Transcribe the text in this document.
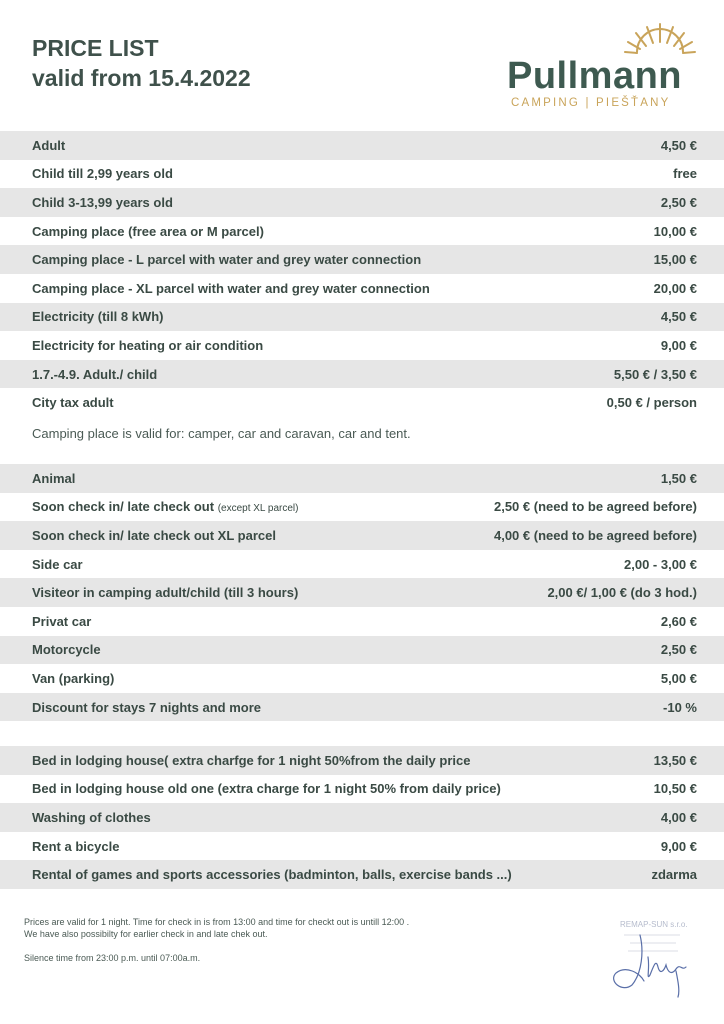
PRICE LIST
valid from 15.4.2022	Pullmann
CAMPING | PIEŠŤANY
Adult	4,50 €
Child till 2,99 years old	free
Child 3-13,99 years old	2,50 €
Camping place (free area or M parcel)	10,00 €
Camping place - L parcel with water and grey water connection	15,00 €
Camping place - XL parcel with water and grey water connection	20,00 €
Electricity (till 8 kWh)	4,50 €
Electricity for heating or air condition	9,00 €
1.7.-4.9. Adult./ child	5,50 € / 3,50 €
City tax adult	0,50 € / person
Camping place is valid for: camper, car and caravan, car and tent.
Animal	1,50 €
Soon check in/ late check out (except XL parcel)	2,50 € (need to be agreed before)
Soon check in/ late check out XL parcel	4,00 € (need to be agreed before)
Side car	2,00 - 3,00 €
Visiteor in camping adult/child (till 3 hours)	2,00 €/ 1,00 € (do 3 hod.)
Privat car	2,60 €
Motorcycle	2,50 €
Van (parking)	5,00 €
Discount for stays 7 nights and more	-10 %
Bed in lodging house( extra charfge for 1 night 50%from the daily price	13,50 €
Bed in lodging house old one (extra charge for 1 night 50% from daily price)	10,50 €
Washing of clothes	4,00 €
Rent a bicycle	9,00 €
Rental of games and sports accessories (badminton, balls, exercise bands ...)	zdarma
Prices are valid for 1 night. Time for check in is from 13:00 and time for checkt out is untill 12:00 .
We have also possibilty for earlier check in and late chek out.
Silence time from 23:00 p.m. until 07:00a.m.
REMAP-SUN s.r.o.
